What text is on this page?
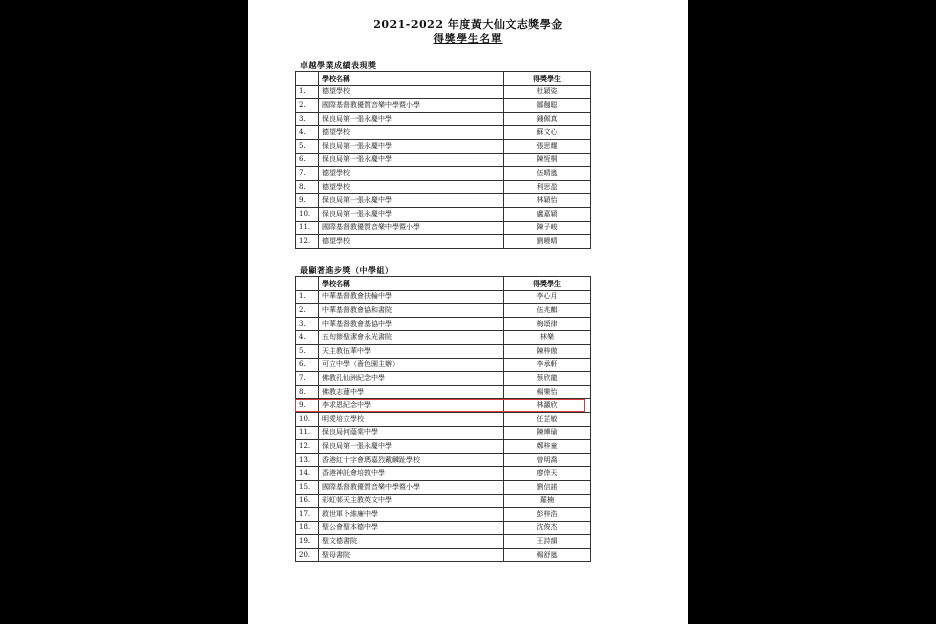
2021-2022 年度黃大仙文志獎學金
得獎學生名單
卓越學業成績表現獎
	學校名稱	得獎學生
1.	德望學校	杜穎姿
2.	國際基督教優質音樂中學暨小學	鄒翹聪
3.	保良局第一張永慶中學	鍾佩真
4.	德望學校	蘇文心
5.	保良局第一張永慶中學	張思耀
6.	保良局第一張永慶中學	陳恆桐
7.	德望學校	伍晴嵐
8.	德望學校	利思盈
9.	保良局第一張永慶中學	林穎怡
10.	保良局第一張永慶中學	盧嘉穎
11.	國際基督教優質音樂中學暨小學	陳子峻
12.	德望學校	劉曉晴
最顯著進步獎（中學組）
	學校名稱	得獎學生
1.	中華基督教會扶輪中學	李心月
2.	中華基督教會協和書院	伍兆麒
3.	中華基督教會基協中學	梅頌律
4.	五旬節聖潔會永光書院	林樂
5.	天主教伍華中學	陳梓傲
6.	可立中學（嗇色園主辦）	李承軒
7.	佛教孔仙洲紀念中學	蔡欣龍
8.	佛教志蓮中學	楊樂怡
9.	李求恩紀念中學	林灝欣
10.	明愛培立學校	任芷敏
11.	保良局何蔭棠中學	陳燁瑜
12.	保良局第一張永慶中學	鄭梓童
13.	香港紅十字會瑪嘉烈戴麟趾學校	曾明喬
14.	香港神託會培敦中學	廖倖天
15.	國際基督教優質音樂中學暨小學	劉信諾
16.	彩虹邨天主教英文中學	羅楠
17.	救世軍卜維廉中學	彭梓浩
18.	聖公會聖本德中學	沈俊杰
19.	聖文德書院	王詩韻
20.	聖母書院	楊舒嵐
